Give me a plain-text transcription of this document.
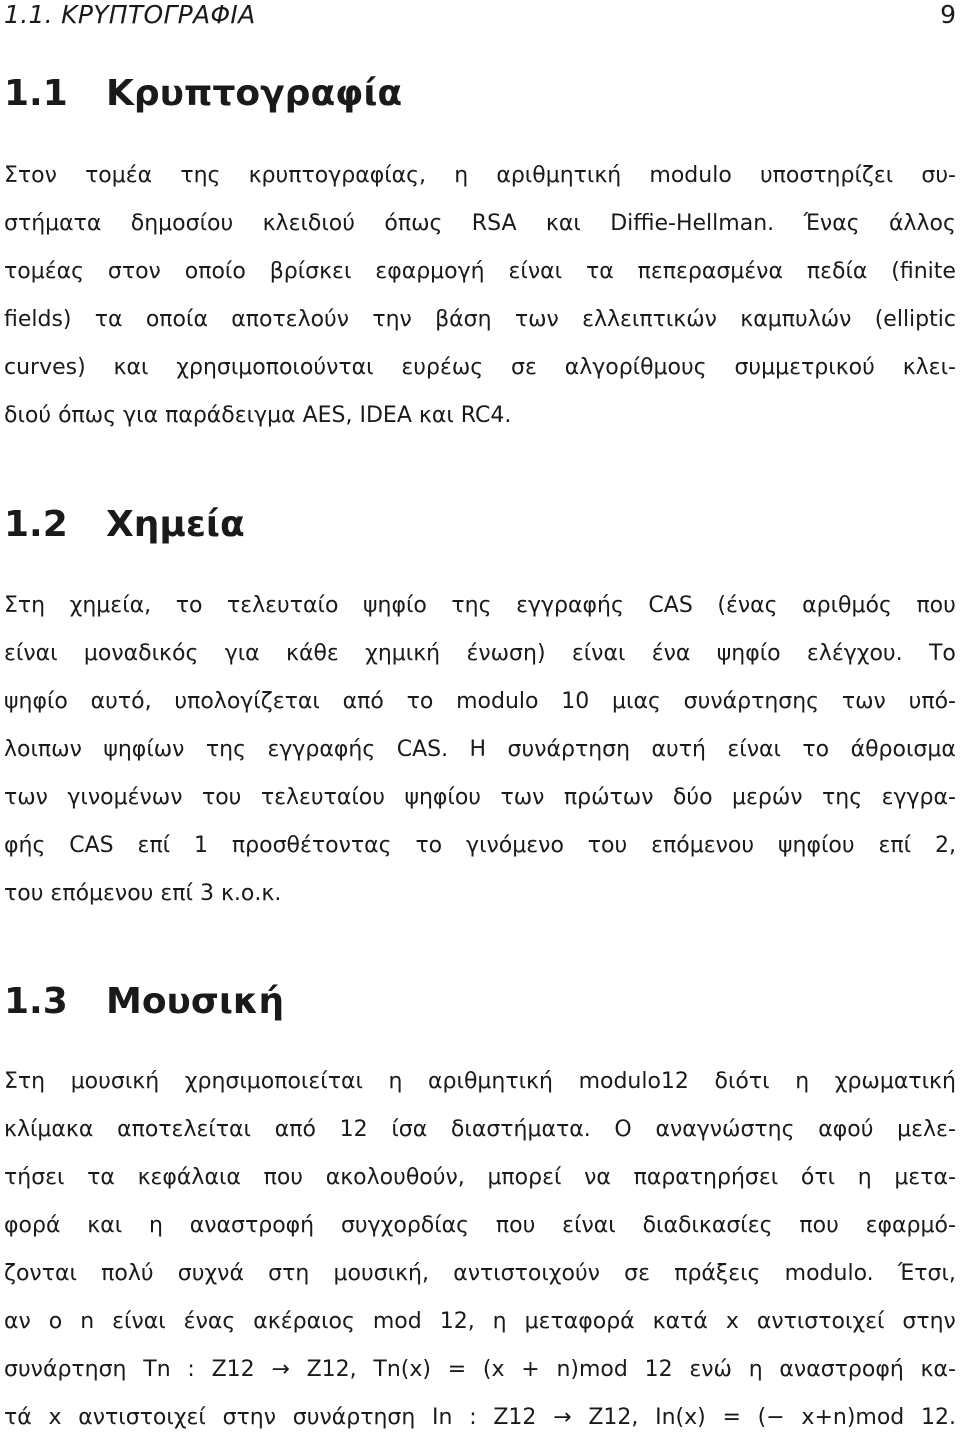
1.1. ΚΡΥΠΤΟΓΡΑΦΙΑ	9
1.1 Κρυπτογραφία
Στον τομέα της κρυπτογραφίας, η αριθμητική modulo υποστηρίζει συ-
στήματα δημοσίου κλειδιού όπως RSA και Diffie-Hellman. Ένας άλλος
τομέας στον οποίο βρίσκει εφαρμογή είναι τα πεπερασμένα πεδία (finite
fields) τα οποία αποτελούν την βάση των ελλειπτικών καμπυλών (elliptic
curves) και χρησιμοποιούνται ευρέως σε αλγορίθμους συμμετρικού κλει-
διού όπως για παράδειγμα AES, IDEA και RC4.
1.2 Χημεία
Στη χημεία, το τελευταίο ψηφίο της εγγραφής CAS (ένας αριθμός που
είναι μοναδικός για κάθε χημική ένωση) είναι ένα ψηφίο ελέγχου. Το
ψηφίο αυτό, υπολογίζεται από το modulo 10 μιας συνάρτησης των υπό-
λοιπων ψηφίων της εγγραφής CAS. Η συνάρτηση αυτή είναι το άθροισμα
των γινομένων του τελευταίου ψηφίου των πρώτων δύο μερών της εγγρα-
φής CAS επί 1 προσθέτοντας το γινόμενο του επόμενου ψηφίου επί 2,
του επόμενου επί 3 κ.ο.κ.
1.3 Μουσική
Στη μουσική χρησιμοποιείται η αριθμητική modulo12 διότι η χρωματική
κλίμακα αποτελείται από 12 ίσα διαστήματα. Ο αναγνώστης αφού μελε-
τήσει τα κεφάλαια που ακολουθούν, μπορεί να παρατηρήσει ότι η μετα-
φορά και η αναστροφή συγχορδίας που είναι διαδικασίες που εφαρμό-
ζονται πολύ συχνά στη μουσική, αντιστοιχούν σε πράξεις modulo. Έτσι,
αν ο n είναι ένας ακέραιος mod 12, η μεταφορά κατά x αντιστοιχεί στην
συνάρτηση Tn : Z12 → Z12, Tn(x) = (x + n)mod 12 ενώ η αναστροφή κα-
τά x αντιστοιχεί στην συνάρτηση In : Z12 → Z12, In(x) = (− x+n)mod 12.
